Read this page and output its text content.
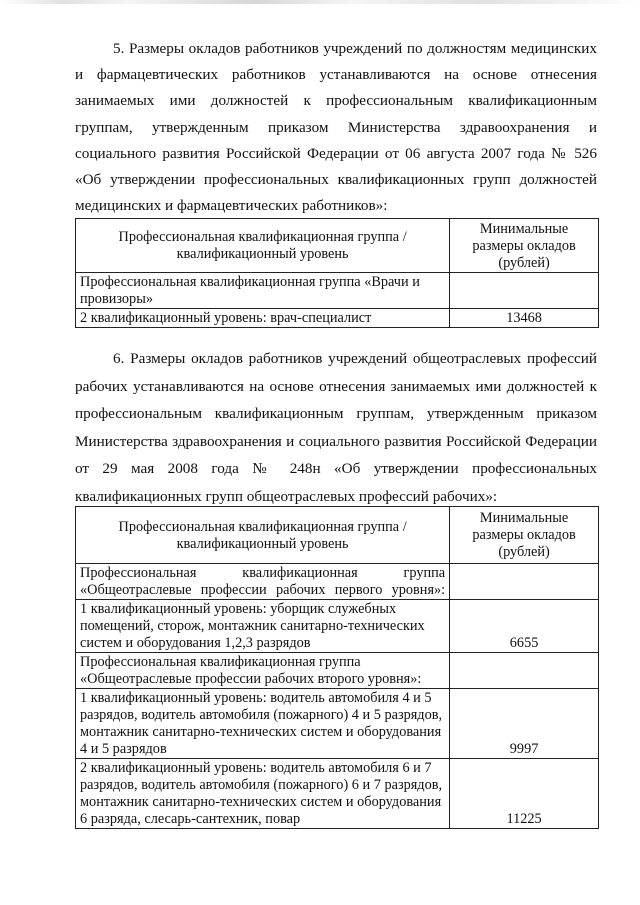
5. Размеры окладов работников учреждений по должностям медицинских и фармацевтических работников устанавливаются на основе отнесения занимаемых ими должностей к профессиональным квалификационным группам, утвержденным приказом Министерства здравоохранения и социального развития Российской Федерации от 06 августа 2007 года № 526 «Об утверждении профессиональных квалификационных групп должностей медицинских и фармацевтических работников»:

Профессиональная квалификационная группа / квалификационный уровень	Минимальные размеры окладов (рублей)
Профессиональная квалификационная группа «Врачи и провизоры»	
2 квалификационный уровень: врач-специалист	13468

6. Размеры окладов работников учреждений общеотраслевых профессий рабочих устанавливаются на основе отнесения занимаемых ими должностей к профессиональным квалификационным группам, утвержденным приказом Министерства здравоохранения и социального развития Российской Федерации от 29 мая 2008 года № 248н «Об утверждении профессиональных квалификационных групп общеотраслевых профессий рабочих»:

Профессиональная квалификационная группа / квалификационный уровень	Минимальные размеры окладов (рублей)
Профессиональная квалификационная группа «Общеотраслевые профессии рабочих первого уровня»:	
1 квалификационный уровень: уборщик служебных помещений, сторож, монтажник санитарно-технических систем и оборудования 1,2,3 разрядов	6655
Профессиональная квалификационная группа «Общеотраслевые профессии рабочих второго уровня»:	
1 квалификационный уровень: водитель автомобиля 4 и 5 разрядов, водитель автомобиля (пожарного) 4 и 5 разрядов, монтажник санитарно-технических систем и оборудования 4 и 5 разрядов	9997
2 квалификационный уровень: водитель автомобиля 6 и 7 разрядов, водитель автомобиля (пожарного) 6 и 7 разрядов, монтажник санитарно-технических систем и оборудования 6 разряда, слесарь-сантехник, повар	11225
